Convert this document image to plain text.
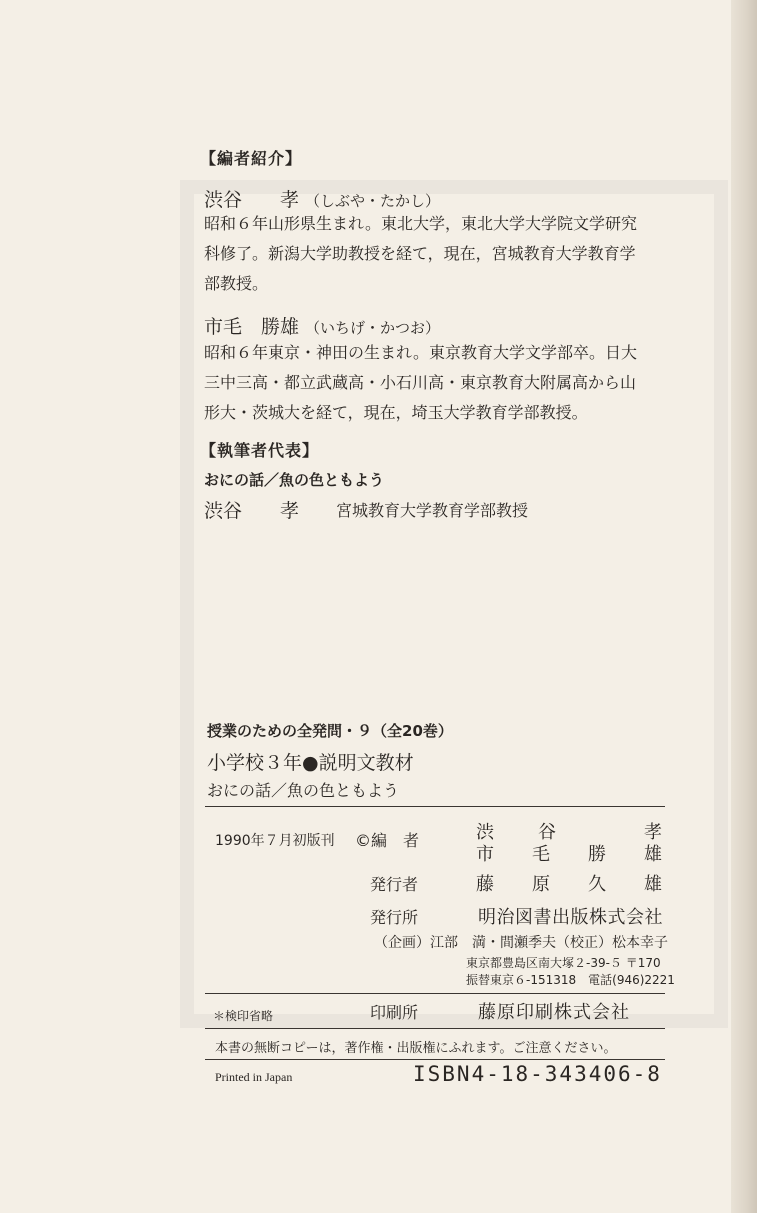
【編者紹介】
渋谷　　孝 （しぶや・たかし）
昭和６年山形県生まれ。東北大学，東北大学大学院文学研究
科修了。新潟大学助教授を経て，現在，宮城教育大学教育学
部教授。
市毛　勝雄 （いちげ・かつお）
昭和６年東京・神田の生まれ。東京教育大学文学部卒。日大
三中三高・都立武蔵高・小石川高・東京教育大附属高から山
形大・茨城大を経て，現在，埼玉大学教育学部教授。
【執筆者代表】
おにの話／魚の色ともよう
渋谷　　孝 宮城教育大学教育学部教授
授業のための全発問・９（全20巻）
小学校３年●説明文教材
おにの話／魚の色ともよう
1990年７月初版刊 ©編　者	渋 谷	孝
市 毛 勝 雄
発行者	藤 原 久 雄
発行所	明治図書出版株式会社
（企画）江部　満・間瀬季夫（校正）松本幸子
東京都豊島区南大塚２-39-５ 〒170
振替東京６-151318　電話(946)2221
＊検印省略	印刷所	藤原印刷株式会社
本書の無断コピーは，著作権・出版権にふれます。ご注意ください。
Printed in Japan	ISBN4-18-343406-8
